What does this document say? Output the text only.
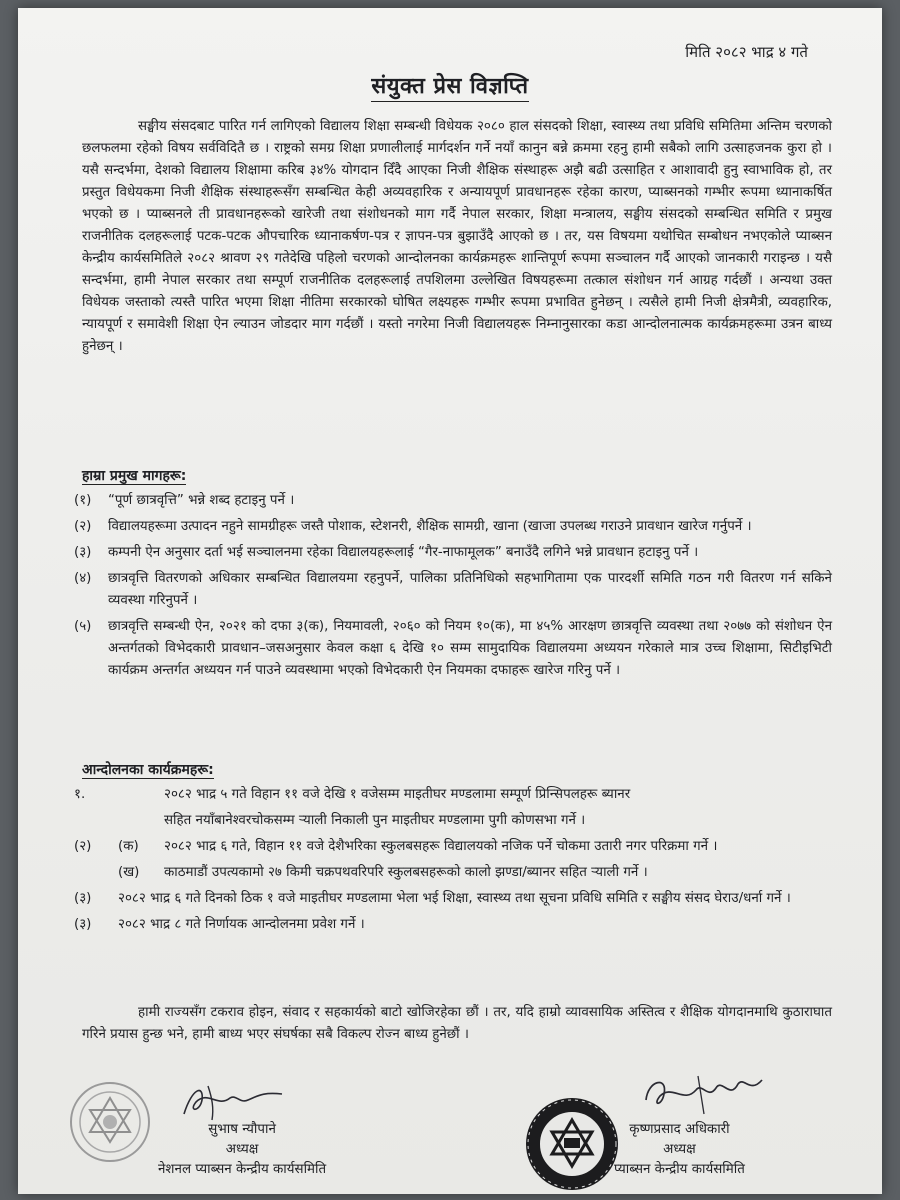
मिति २०८२ भाद्र ४ गते
संयुक्त प्रेस विज्ञप्ति
सङ्घीय संसदबाट पारित गर्न लागिएको विद्यालय शिक्षा सम्बन्धी विधेयक २०८० हाल संसदको शिक्षा, स्वास्थ्य तथा प्रविधि समितिमा अन्तिम चरणको छलफलमा रहेको विषय सर्वविदितै छ । राष्ट्रको समग्र शिक्षा प्रणालीलाई मार्गदर्शन गर्ने नयाँ कानुन बन्ने क्रममा रहनु हामी सबैको लागि उत्साहजनक कुरा हो । यसै सन्दर्भमा, देशको विद्यालय शिक्षामा करिब ३४% योगदान दिँदै आएका निजी शैक्षिक संस्थाहरू अझै बढी उत्साहित र आशावादी हुनु स्वाभाविक हो, तर प्रस्तुत विधेयकमा निजी शैक्षिक संस्थाहरूसँग सम्बन्धित केही अव्यवहारिक र अन्यायपूर्ण प्रावधानहरू रहेका कारण, प्याब्सनको गम्भीर रूपमा ध्यानाकर्षित भएको छ । प्याब्सनले ती प्रावधानहरूको खारेजी तथा संशोधनको माग गर्दै नेपाल सरकार, शिक्षा मन्त्रालय, सङ्घीय संसदको सम्बन्धित समिति र प्रमुख राजनीतिक दलहरूलाई पटक-पटक औपचारिक ध्यानाकर्षण-पत्र र ज्ञापन-पत्र बुझाउँदै आएको छ । तर, यस विषयमा यथोचित सम्बोधन नभएकोले प्याब्सन केन्द्रीय कार्यसमितिले २०८२ श्रावण २९ गतेदेखि पहिलो चरणको आन्दोलनका कार्यक्रमहरू शान्तिपूर्ण रूपमा सञ्चालन गर्दै आएको जानकारी गराइन्छ । यसै सन्दर्भमा, हामी नेपाल सरकार तथा सम्पूर्ण राजनीतिक दलहरूलाई तपशिलमा उल्लेखित विषयहरूमा तत्काल संशोधन गर्न आग्रह गर्दछौं । अन्यथा उक्त विधेयक जस्ताको त्यस्तै पारित भएमा शिक्षा नीतिमा सरकारको घोषित लक्ष्यहरू गम्भीर रूपमा प्रभावित हुनेछन् । त्यसैले हामी निजी क्षेत्रमैत्री, व्यवहारिक, न्यायपूर्ण र समावेशी शिक्षा ऐन ल्याउन जोडदार माग गर्दछौं । यस्तो नगरेमा निजी विद्यालयहरू निम्नानुसारका कडा आन्दोलनात्मक कार्यक्रमहरूमा उत्रन बाध्य हुनेछन् ।
हाम्रा प्रमुख मागहरू:
(१)	“पूर्ण छात्रवृत्ति” भन्ने शब्द हटाइनु पर्ने ।
(२)	विद्यालयहरूमा उत्पादन नहुने सामग्रीहरू जस्तै पोशाक, स्टेशनरी, शैक्षिक सामग्री, खाना (खाजा उपलब्ध गराउने प्रावधान खारेज गर्नुपर्ने ।
(३)	कम्पनी ऐन अनुसार दर्ता भई सञ्चालनमा रहेका विद्यालयहरूलाई “गैर-नाफामूलक” बनाउँदै लगिने भन्ने प्रावधान हटाइनु पर्ने ।
(४)	छात्रवृत्ति वितरणको अधिकार सम्बन्धित विद्यालयमा रहनुपर्ने, पालिका प्रतिनिधिको सहभागितामा एक पारदर्शी समिति गठन गरी वितरण गर्न सकिने व्यवस्था गरिनुपर्ने ।
(५)	छात्रवृत्ति सम्बन्धी ऐन, २०२१ को दफा ३(क), नियमावली, २०६० को नियम १०(क), मा ४५% आरक्षण छात्रवृत्ति व्यवस्था तथा २०७७ को संशोधन ऐन अन्तर्गतको विभेदकारी प्रावधान–जसअनुसार केवल कक्षा ६ देखि १० सम्म सामुदायिक विद्यालयमा अध्ययन गरेकाले मात्र उच्च शिक्षामा, सिटीइभिटी कार्यक्रम अन्तर्गत अध्ययन गर्न पाउने व्यवस्थामा भएको विभेदकारी ऐन नियमका दफाहरू खारेज गरिनु पर्ने ।
आन्दोलनका कार्यक्रमहरू:
१.	२०८२ भाद्र ५ गते विहान ११ वजे देखि १ वजेसम्म माइतीघर मण्डलामा सम्पूर्ण प्रिन्सिपलहरू ब्यानर
सहित नयाँबानेश्वरचोकसम्म र्‍याली निकाली पुन माइतीघर मण्डलामा पुगी कोणसभा गर्ने ।
(२)	(क)	२०८२ भाद्र ६ गते, विहान ११ वजे देशैभरिका स्कुलबसहरू विद्यालयको नजिक पर्ने चोकमा उतारी नगर परिक्रमा गर्ने ।
(ख)	काठमाडौं उपत्यकामो २७ किमी चक्रपथवरिपरि स्कुलबसहरूको कालो झण्डा/ब्यानर सहित र्‍याली गर्ने ।
(३)	२०८२ भाद्र ६ गते दिनको ठिक १ वजे माइतीघर मण्डलामा भेला भई शिक्षा, स्वास्थ्य तथा सूचना प्रविधि समिति र सङ्घीय संसद घेराउ/धर्ना गर्ने ।
(३)	२०८२ भाद्र ८ गते निर्णायक आन्दोलनमा प्रवेश गर्ने ।
हामी राज्यसँग टकराव होइन, संवाद र सहकार्यको बाटो खोजिरहेका छौं । तर, यदि हाम्रो व्यावसायिक अस्तित्व र शैक्षिक योगदानमाथि कुठाराघात गरिने प्रयास हुन्छ भने, हामी बाध्य भएर संघर्षका सबै विकल्प रोज्न बाध्य हुनेछौं ।
सुभाष न्यौपाने
अध्यक्ष
नेशनल प्याब्सन केन्द्रीय कार्यसमिति
कृष्णप्रसाद अधिकारी
अध्यक्ष
प्याब्सन केन्द्रीय कार्यसमिति
